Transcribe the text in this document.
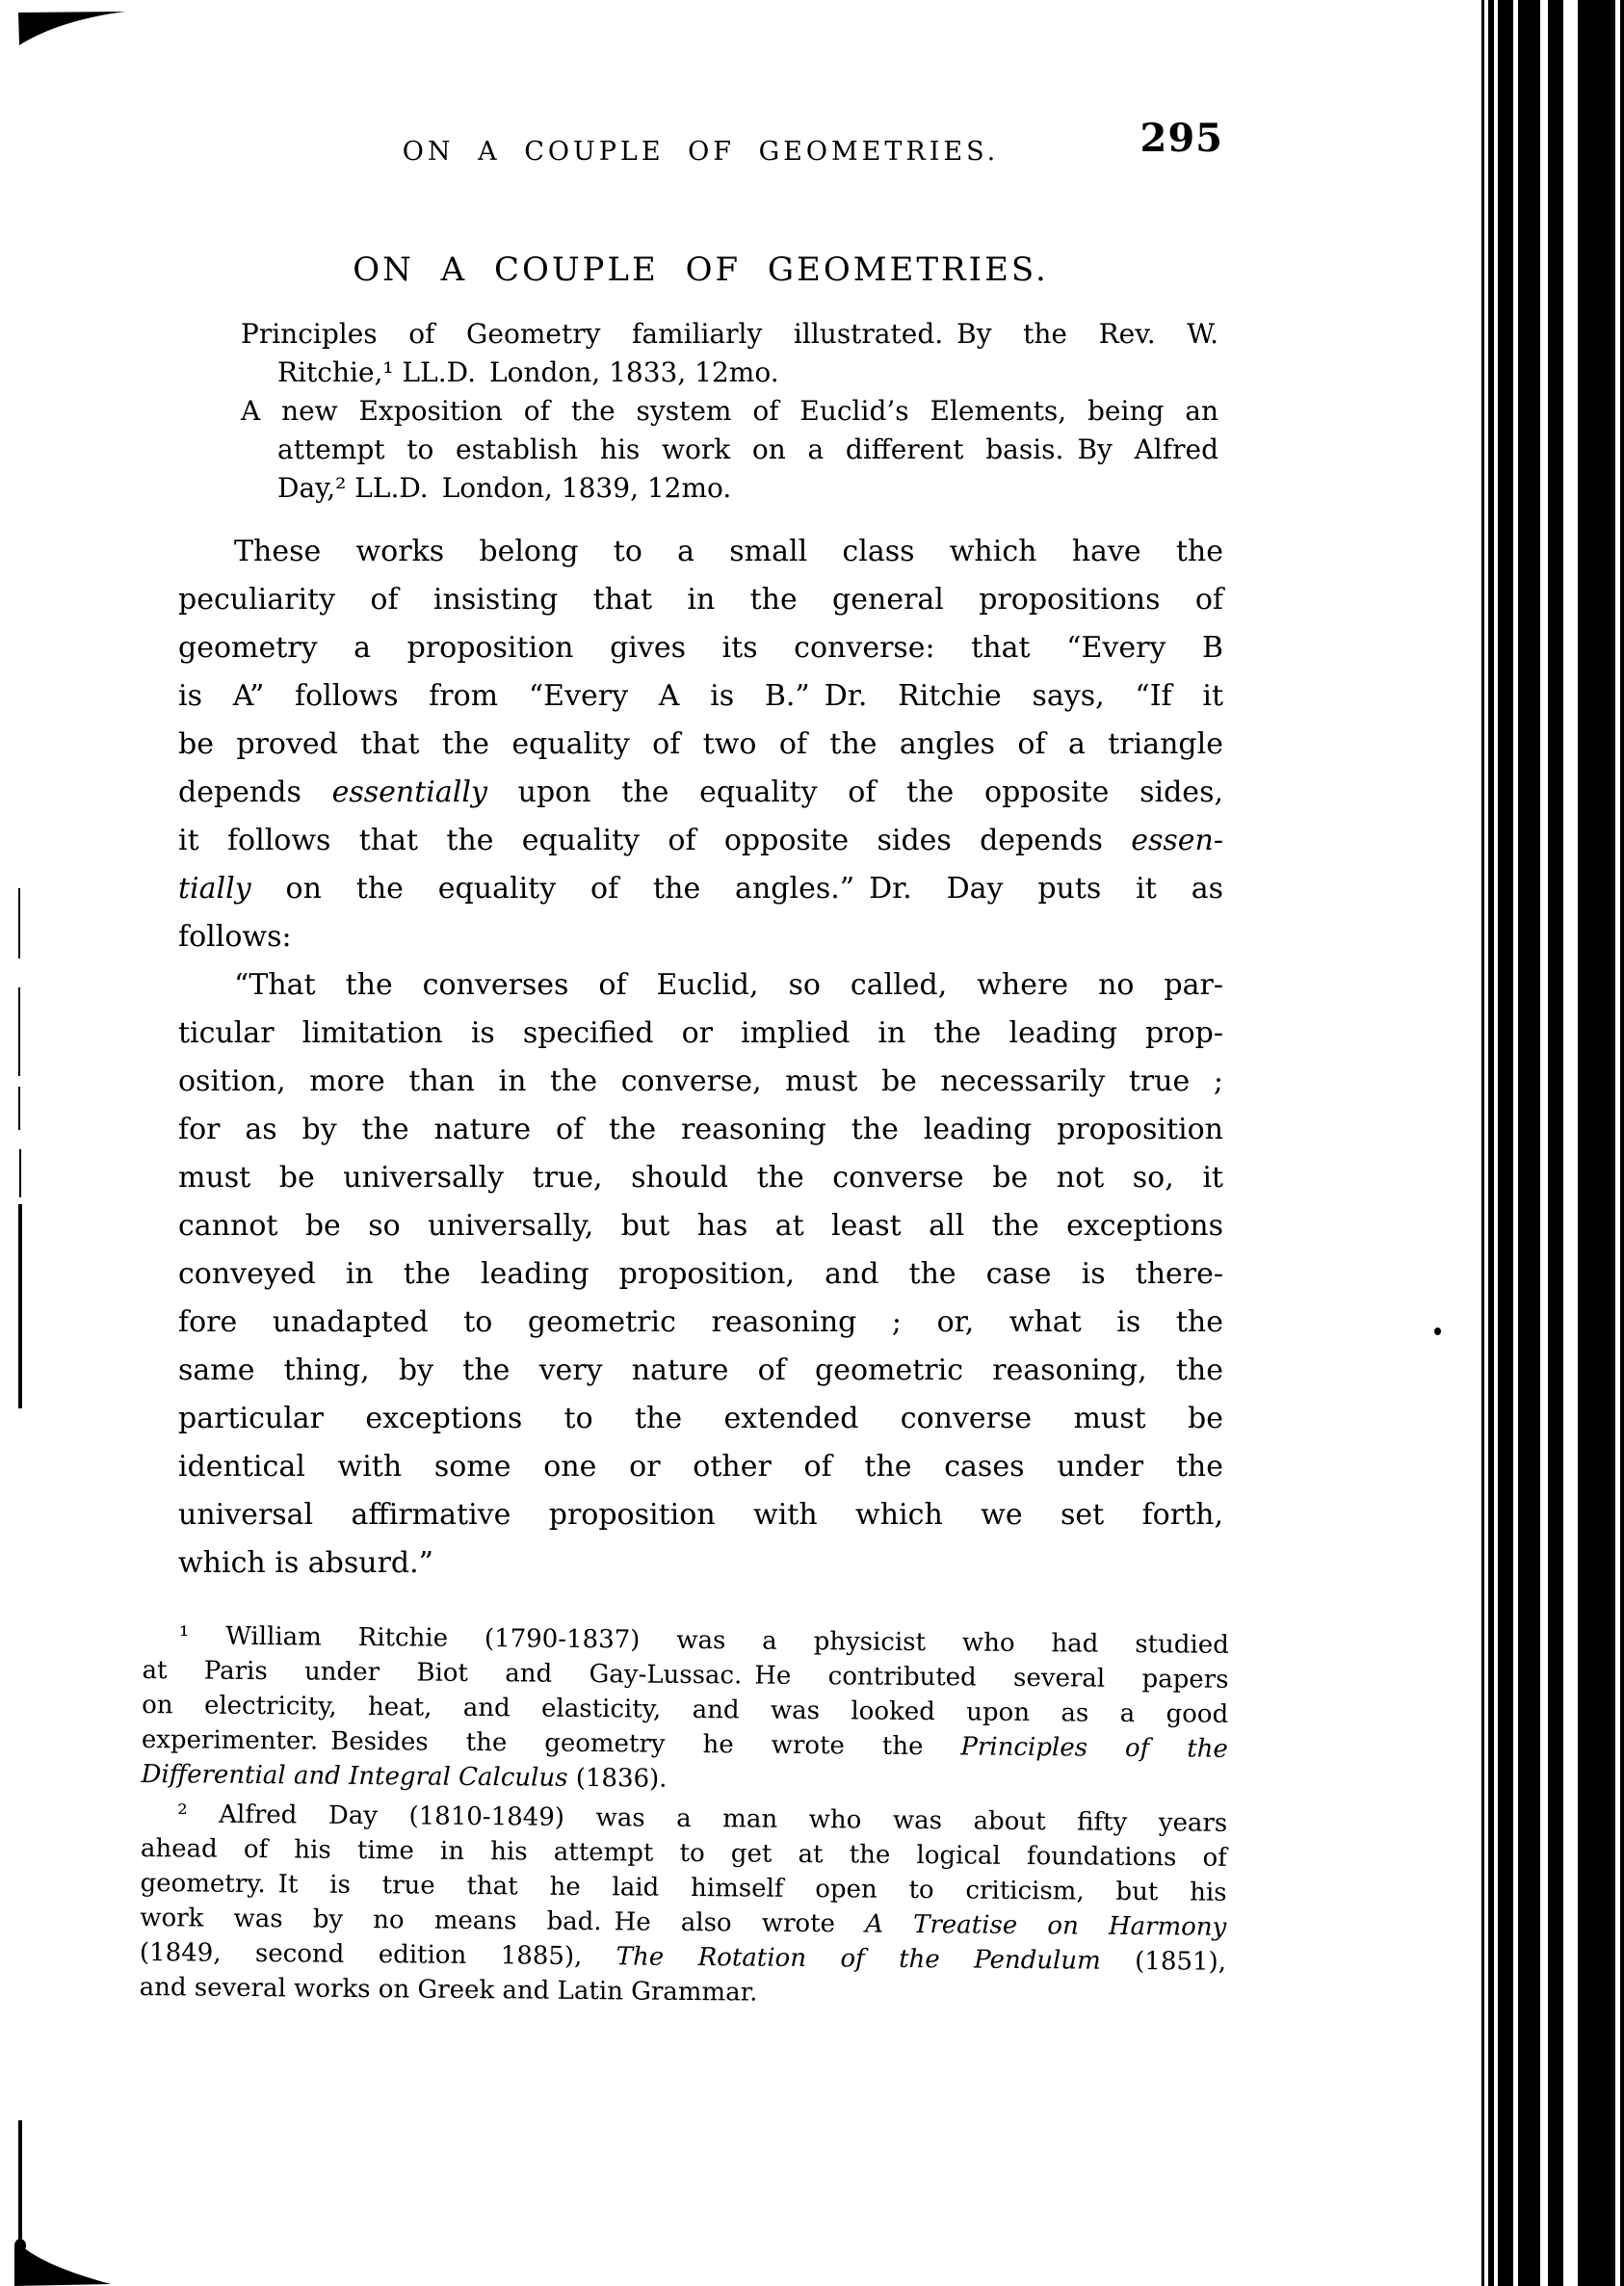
ON A COUPLE OF GEOMETRIES.	295
ON A COUPLE OF GEOMETRIES.
Principles of Geometry familiarly illustrated. By the Rev. W.
Ritchie,¹ LL.D. London, 1833, 12mo.
A new Exposition of the system of Euclid’s Elements, being an
attempt to establish his work on a different basis. By Alfred
Day,² LL.D. London, 1839, 12mo.
These works belong to a small class which have the
peculiarity of insisting that in the general propositions of
geometry a proposition gives its converse: that “Every B
is A” follows from “Every A is B.” Dr. Ritchie says, “If it
be proved that the equality of two of the angles of a triangle
depends essentially upon the equality of the opposite sides,
it follows that the equality of opposite sides depends essen-
tially on the equality of the angles.” Dr. Day puts it as
follows:
“That the converses of Euclid, so called, where no par-
ticular limitation is specified or implied in the leading prop-
osition, more than in the converse, must be necessarily true ;
for as by the nature of the reasoning the leading proposition
must be universally true, should the converse be not so, it
cannot be so universally, but has at least all the exceptions
conveyed in the leading proposition, and the case is there-
fore unadapted to geometric reasoning ; or, what is the
same thing, by the very nature of geometric reasoning, the
particular exceptions to the extended converse must be
identical with some one or other of the cases under the
universal affirmative proposition with which we set forth,
which is absurd.”
¹ William Ritchie (1790-1837) was a physicist who had studied
at Paris under Biot and Gay-Lussac. He contributed several papers
on electricity, heat, and elasticity, and was looked upon as a good
experimenter. Besides the geometry he wrote the Principles of the
Differential and Integral Calculus (1836).
² Alfred Day (1810-1849) was a man who was about fifty years
ahead of his time in his attempt to get at the logical foundations of
geometry. It is true that he laid himself open to criticism, but his
work was by no means bad. He also wrote A Treatise on Harmony
(1849, second edition 1885), The Rotation of the Pendulum (1851),
and several works on Greek and Latin Grammar.
